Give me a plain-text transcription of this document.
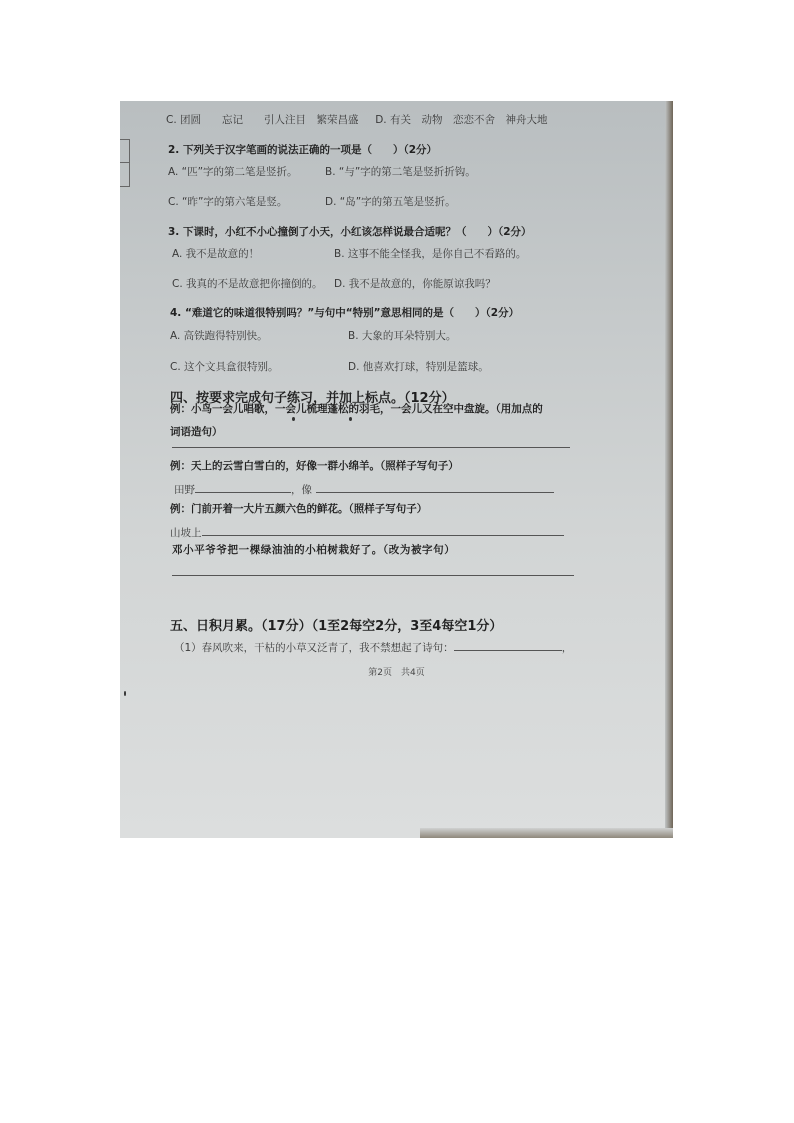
C. 团圆　　忘记　　引人注目　繁荣昌盛 D. 有关　动物　恋恋不舍　神舟大地
2. 下列关于汉字笔画的说法正确的一项是（　　）（2分）
A. “匹”字的第二笔是竖折。	B. “与”字的第二笔是竖折折钩。
C. “昨”字的第六笔是竖。	D. “岛”字的第五笔是竖折。
3. 下课时，小红不小心撞倒了小天，小红该怎样说最合适呢？（　　）（2分）
A. 我不是故意的！	B. 这事不能全怪我，是你自己不看路的。
C. 我真的不是故意把你撞倒的。 D. 我不是故意的，你能原谅我吗？
4. “难道它的味道很特别吗？”与句中“特别”意思相同的是（　　）（2分）
A. 高铁跑得特别快。	B. 大象的耳朵特别大。
C. 这个文具盒很特别。	D. 他喜欢打球，特别是篮球。
四、按要求完成句子练习，并加上标点。（12分）
例：小鸟一会儿唱歌，一会儿梳理蓬松的羽毛，一会儿又在空中盘旋。（用加点的
词语造句）
例：天上的云雪白雪白的，好像一群小绵羊。（照样子写句子）
田野	，像
例：门前开着一大片五颜六色的鲜花。（照样子写句子）
山坡上
邓小平爷爷把一棵绿油油的小柏树栽好了。（改为被字句）
五、日积月累。（17分）（1至2每空2分，3至4每空1分）
（1）春风吹来，干枯的小草又泛青了，我不禁想起了诗句：	，
第2页　共4页
